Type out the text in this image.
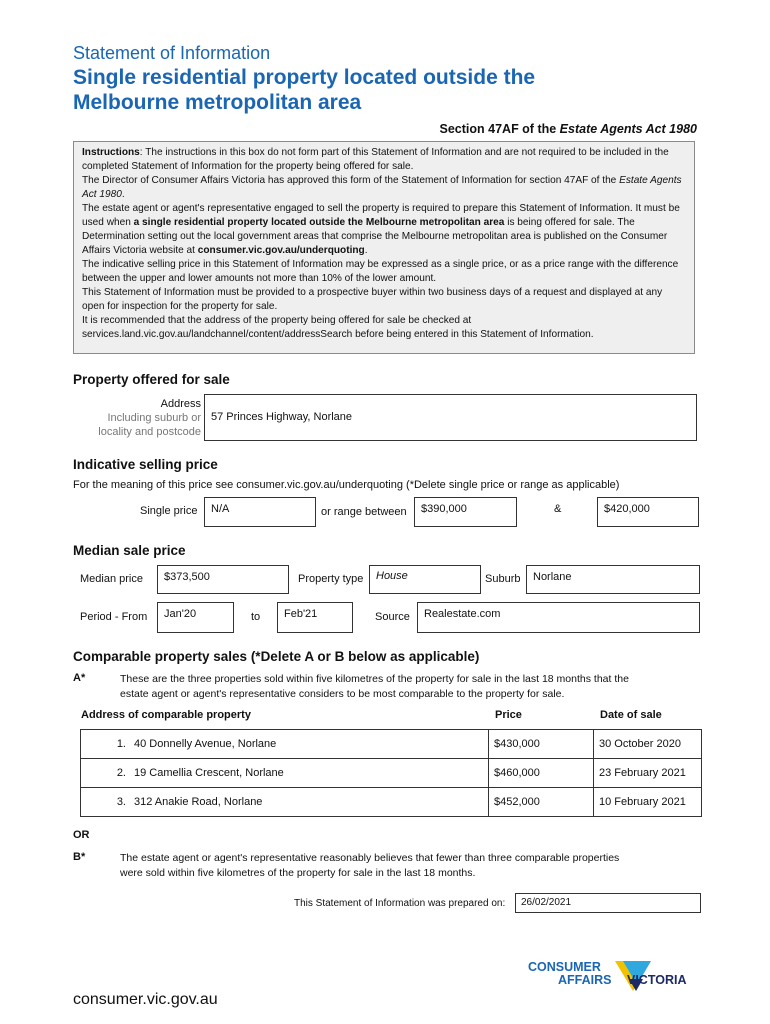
Statement of Information
Single residential property located outside the
Melbourne metropolitan area
Section 47AF of the Estate Agents Act 1980

Instructions: The instructions in this box do not form part of this Statement of Information and are not required to be included in the completed Statement of Information for the property being offered for sale.

The Director of Consumer Affairs Victoria has approved this form of the Statement of Information for section 47AF of the Estate Agents Act 1980.

The estate agent or agent's representative engaged to sell the property is required to prepare this Statement of Information. It must be used when a single residential property located outside the Melbourne metropolitan area is being offered for sale. The Determination setting out the local government areas that comprise the Melbourne metropolitan area is published on the Consumer Affairs Victoria website at consumer.vic.gov.au/underquoting.

The indicative selling price in this Statement of Information may be expressed as a single price, or as a price range with the difference between the upper and lower amounts not more than 10% of the lower amount.

This Statement of Information must be provided to a prospective buyer within two business days of a request and displayed at any open for inspection for the property for sale.

It is recommended that the address of the property being offered for sale be checked at services.land.vic.gov.au/landchannel/content/addressSearch before being entered in this Statement of Information.

Property offered for sale
Address
Including suburb or
locality and postcode
57 Princes Highway, Norlane
Indicative selling price
For the meaning of this price see consumer.vic.gov.au/underquoting (*Delete single price or range as applicable)
Single price	N/A	or range between	$390,000	&	$420,000
Median sale price
Median price	$373,500	Property type	House	Suburb	Norlane
Period - From	Jan'20	to	Feb'21	Source	Realestate.com
Comparable property sales (*Delete A or B below as applicable)
A*	These are the three properties sold within five kilometres of the property for sale in the last 18 months that the
estate agent or agent's representative considers to be most comparable to the property for sale.
Address of comparable property	Price	Date of sale
1. 40 Donnelly Avenue, Norlane	$430,000	30 October 2020
2. 19 Camellia Crescent, Norlane	$460,000	23 February 2021
3. 312 Anakie Road, Norlane	$452,000	10 February 2021
OR
B*	The estate agent or agent's representative reasonably believes that fewer than three comparable properties
were sold within five kilometres of the property for sale in the last 18 months.
This Statement of Information was prepared on:	26/02/2021
consumer.vic.gov.au
CONSUMER
AFFAIRS VICTORIA
